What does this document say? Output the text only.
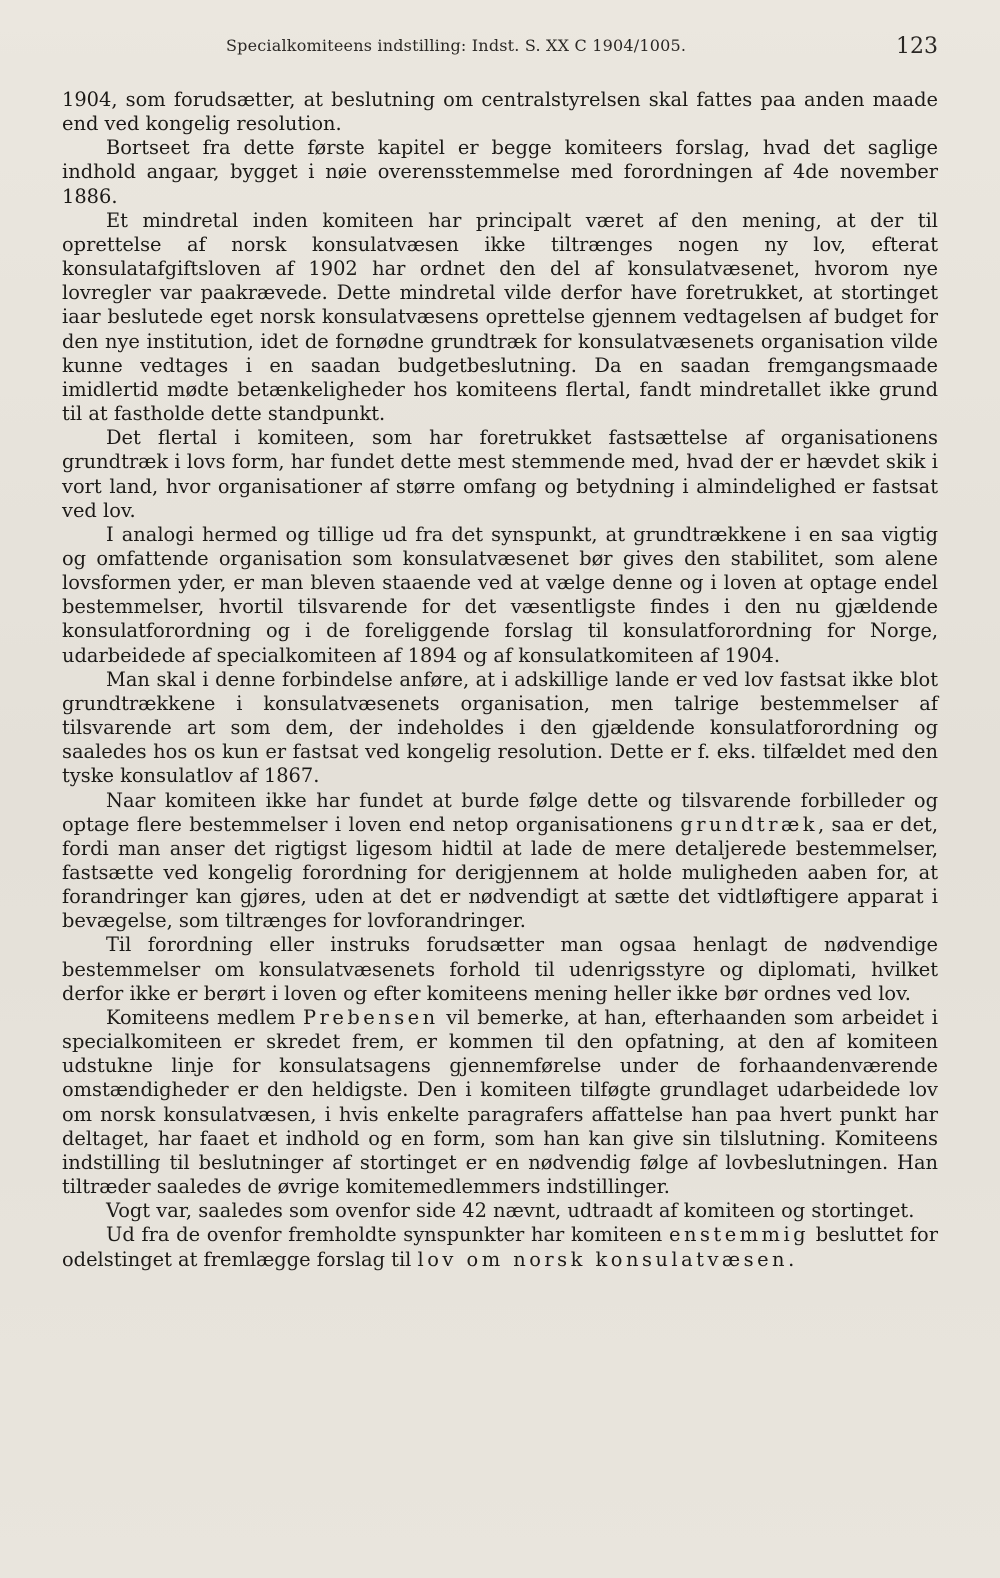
Specialkomiteens indstilling: Indst. S. XX C 1904/1005.	123

1904, som forudsætter, at beslutning om centralstyrelsen skal fattes paa anden maade end ved kongelig resolution.

Bortseet fra dette første kapitel er begge komiteers forslag, hvad det saglige indhold angaar, bygget i nøie overensstemmelse med forordningen af 4de november 1886.

Et mindretal inden komiteen har principalt været af den mening, at der til oprettelse af norsk konsulatvæsen ikke tiltrænges nogen ny lov, efterat konsulatafgiftsloven af 1902 har ordnet den del af konsulatvæsenet, hvorom nye lovregler var paakrævede. Dette mindretal vilde derfor have foretrukket, at stortinget iaar beslutede eget norsk konsulatvæsens oprettelse gjennem vedtagelsen af budget for den nye institution, idet de fornødne grundtræk for konsulatvæsenets organisation vilde kunne vedtages i en saadan budgetbeslutning. Da en saadan fremgangsmaade imidlertid mødte betænkeligheder hos komiteens flertal, fandt mindretallet ikke grund til at fastholde dette standpunkt.

Det flertal i komiteen, som har foretrukket fastsættelse af organisationens grundtræk i lovs form, har fundet dette mest stemmende med, hvad der er hævdet skik i vort land, hvor organisationer af større omfang og betydning i almindelighed er fastsat ved lov.

I analogi hermed og tillige ud fra det synspunkt, at grundtrækkene i en saa vigtig og omfattende organisation som konsulatvæsenet bør gives den stabilitet, som alene lovsformen yder, er man bleven staaende ved at vælge denne og i loven at optage endel bestemmelser, hvortil tilsvarende for det væsentligste findes i den nu gjældende konsulatforordning og i de foreliggende forslag til konsulatforordning for Norge, udarbeidede af specialkomiteen af 1894 og af konsulatkomiteen af 1904.

Man skal i denne forbindelse anføre, at i adskillige lande er ved lov fastsat ikke blot grundtrækkene i konsulatvæsenets organisation, men talrige bestemmelser af tilsvarende art som dem, der indeholdes i den gjældende konsulatforordning og saaledes hos os kun er fastsat ved kongelig resolution. Dette er f. eks. tilfældet med den tyske konsulatlov af 1867.

Naar komiteen ikke har fundet at burde følge dette og tilsvarende forbilleder og optage flere bestemmelser i loven end netop organisationens grundtræk, saa er det, fordi man anser det rigtigst ligesom hidtil at lade de mere detaljerede bestemmelser, fastsætte ved kongelig forordning for derigjennem at holde muligheden aaben for, at forandringer kan gjøres, uden at det er nødvendigt at sætte det vidtløftigere apparat i bevægelse, som tiltrænges for lovforandringer.

Til forordning eller instruks forudsætter man ogsaa henlagt de nødvendige bestemmelser om konsulatvæsenets forhold til udenrigsstyre og diplomati, hvilket derfor ikke er berørt i loven og efter komiteens mening heller ikke bør ordnes ved lov.

Komiteens medlem Prebensen vil bemerke, at han, efterhaanden som arbeidet i specialkomiteen er skredet frem, er kommen til den opfatning, at den af komiteen udstukne linje for konsulatsagens gjennemførelse under de forhaandenværende omstændigheder er den heldigste. Den i komiteen tilføgte grundlaget udarbeidede lov om norsk konsulatvæsen, i hvis enkelte paragrafers affattelse han paa hvert punkt har deltaget, har faaet et indhold og en form, som han kan give sin tilslutning. Komiteens indstilling til beslutninger af stortinget er en nødvendig følge af lovbeslutningen. Han tiltræder saaledes de øvrige komitemedlemmers indstillinger.

Vogt var, saaledes som ovenfor side 42 nævnt, udtraadt af komiteen og stortinget.

Ud fra de ovenfor fremholdte synspunkter har komiteen enstemmig besluttet for odelstinget at fremlægge forslag til lov om norsk konsulatvæsen.
